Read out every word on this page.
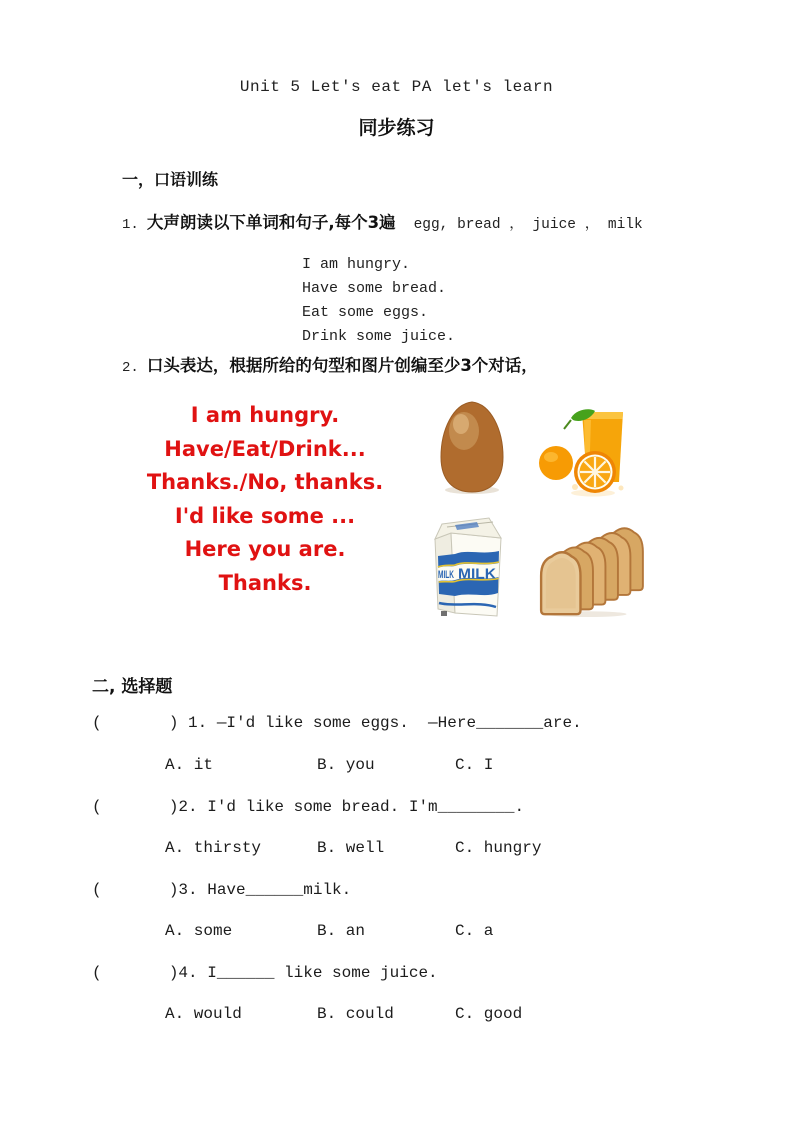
Unit 5 Let's eat PA let's learn
同步练习
一，口语训练
1. 大声朗读以下单词和句子,每个3遍 egg, bread ， juice ， milk
I am hungry.
Have some bread.
Eat some eggs.
Drink some juice.
2. 口头表达，根据所给的句型和图片创编至少3个对话，
I am hungry.
Have/Eat/Drink...
Thanks./No, thanks.
I'd like some ...
Here you are.
Thanks.	MILK MILK
二, 选择题
(       ) 1. —I'd like some eggs.  —Here_______are.
A. it	B. you	C. I
(       )2. I'd like some bread. I'm________.
A. thirsty	B. well	C. hungry
(       )3. Have______milk.
A. some	B. an	C. a
(       )4. I______ like some juice.
A. would	B. could	C. good
